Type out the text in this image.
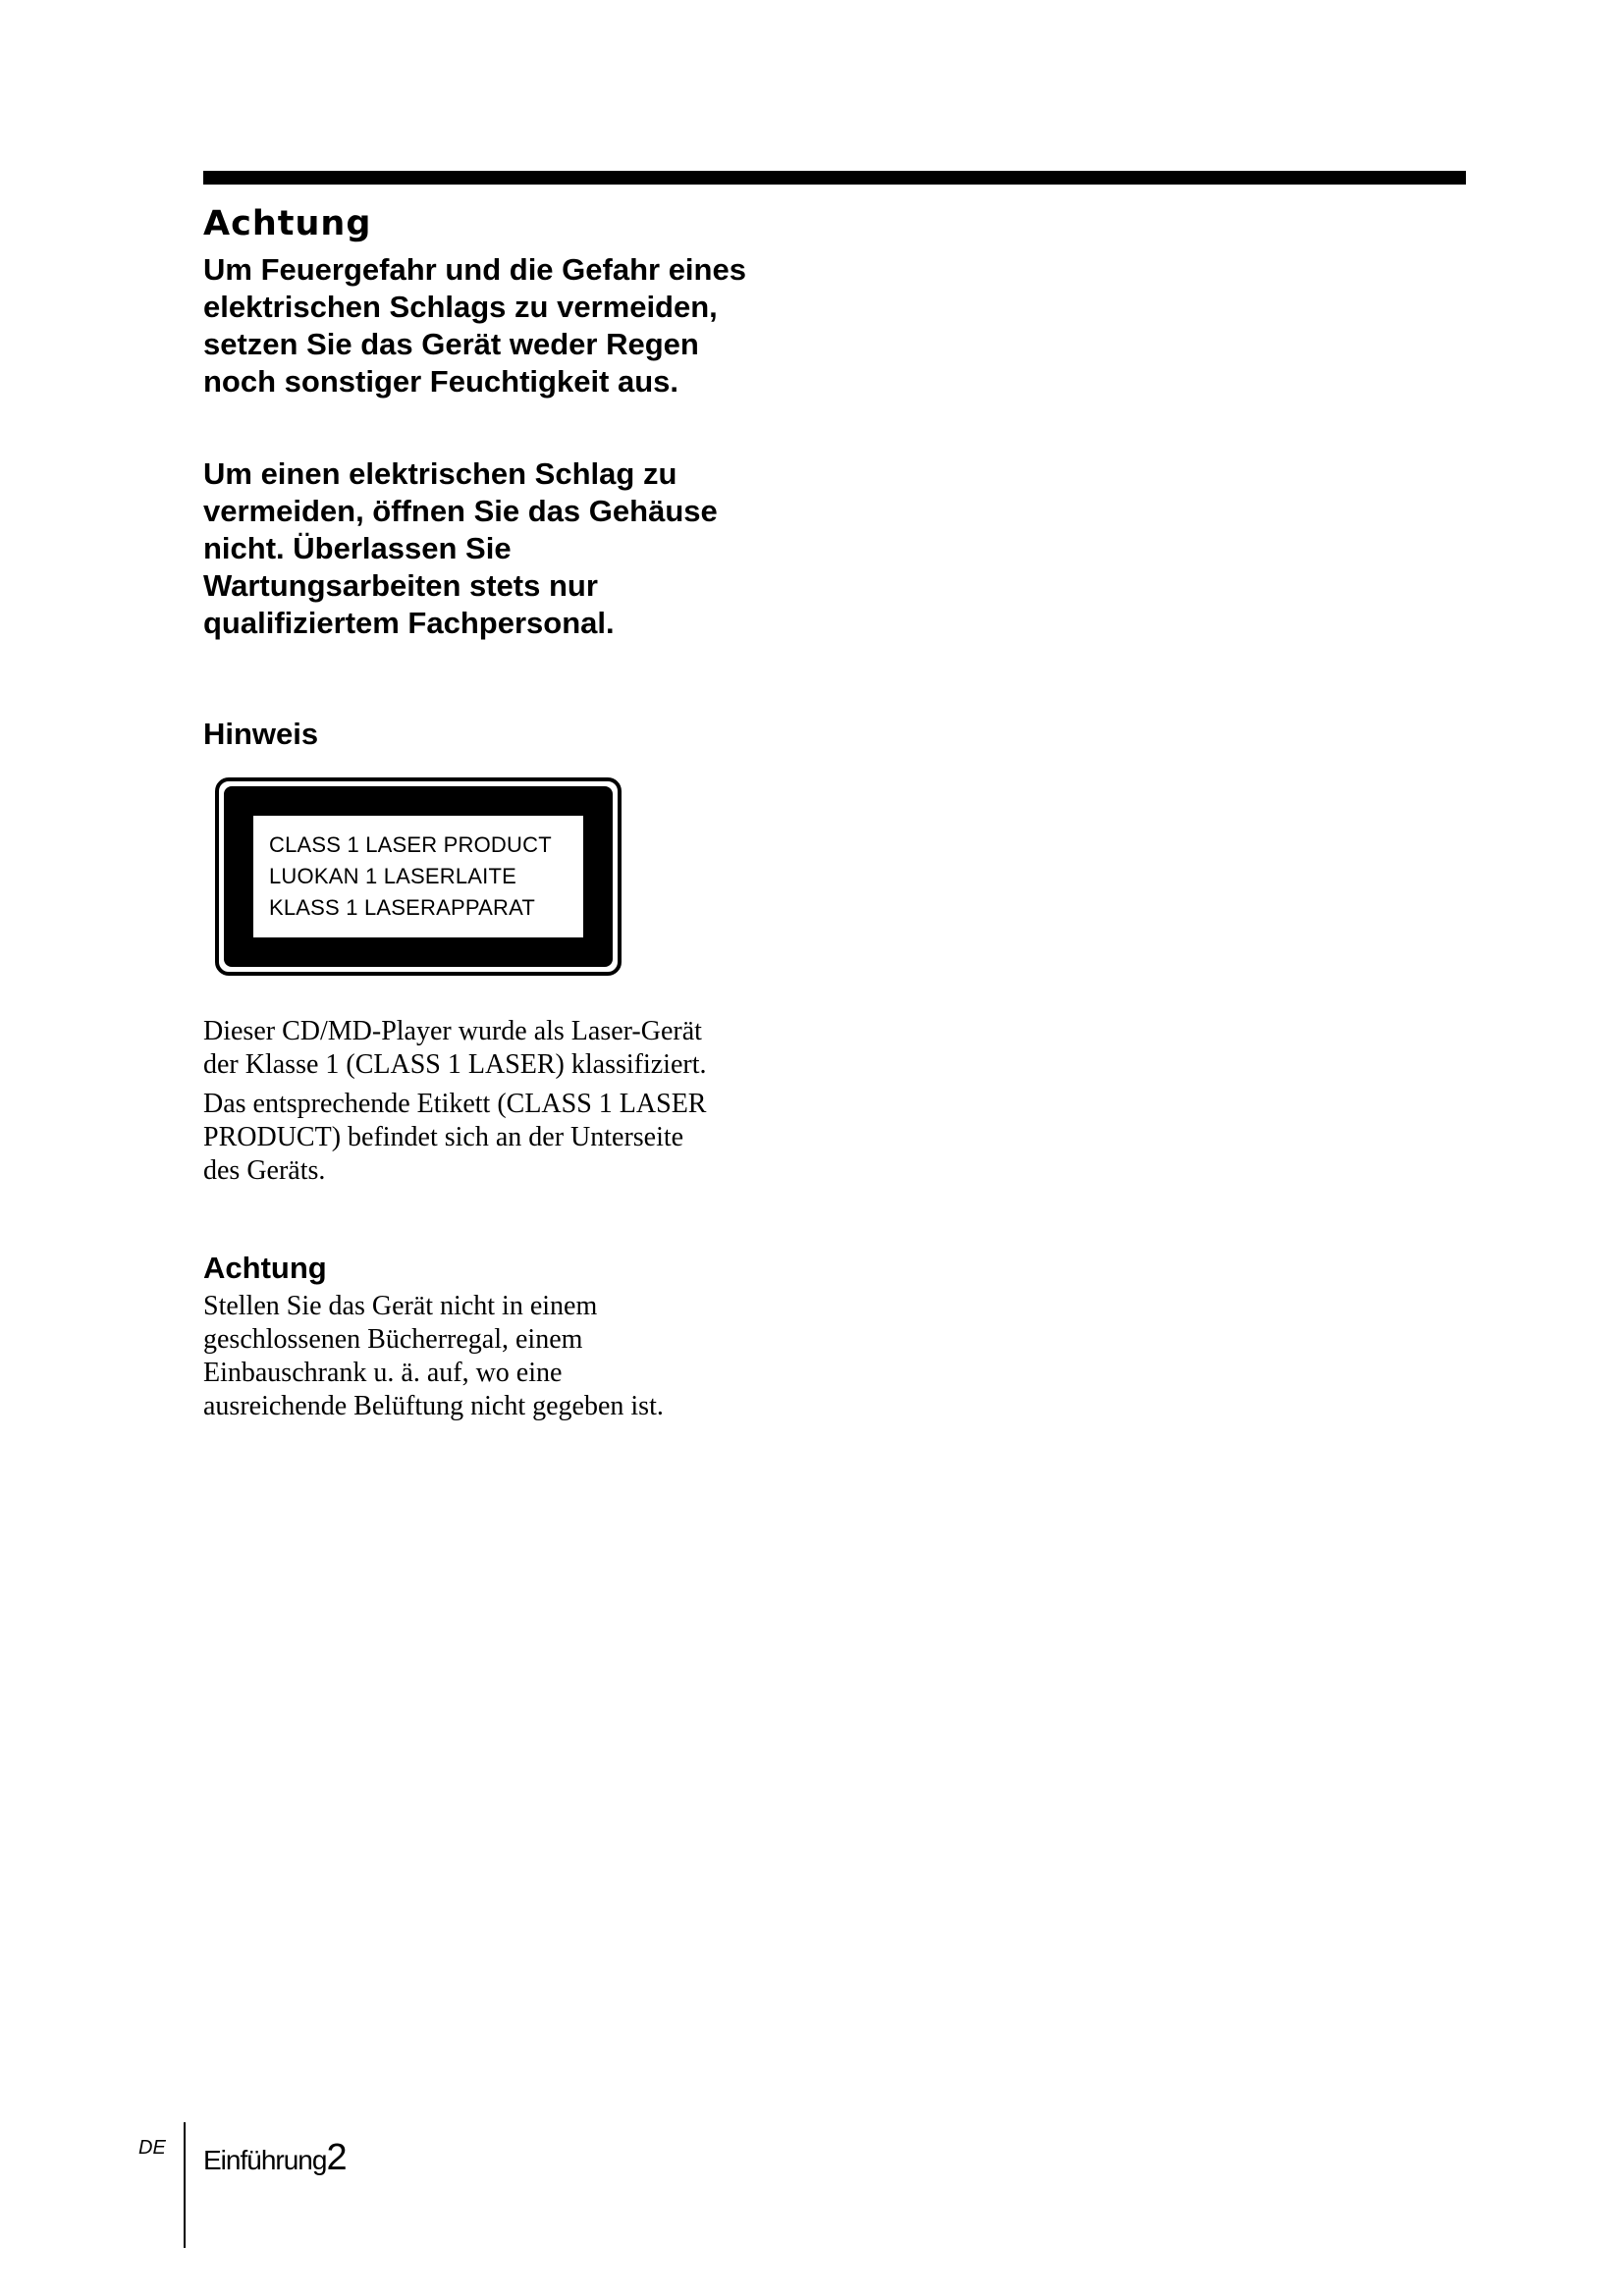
Achtung

Um Feuergefahr und die Gefahr eines
elektrischen Schlags zu vermeiden,
setzen Sie das Gerät weder Regen
noch sonstiger Feuchtigkeit aus.

Um einen elektrischen Schlag zu
vermeiden, öffnen Sie das Gehäuse
nicht. Überlassen Sie
Wartungsarbeiten stets nur
qualifiziertem Fachpersonal.

Hinweis
CLASS 1 LASER PRODUCT
LUOKAN 1 LASERLAITE
KLASS 1 LASERAPPARAT

Dieser CD/MD-Player wurde als Laser-Gerät
der Klasse 1 (CLASS 1 LASER) klassifiziert.

Das entsprechende Etikett (CLASS 1 LASER
PRODUCT) befindet sich an der Unterseite
des Geräts.

Achtung

Stellen Sie das Gerät nicht in einem
geschlossenen Bücherregal, einem
Einbauschrank u. ä. auf, wo eine
ausreichende Belüftung nicht gegeben ist.

DE Einführung2
